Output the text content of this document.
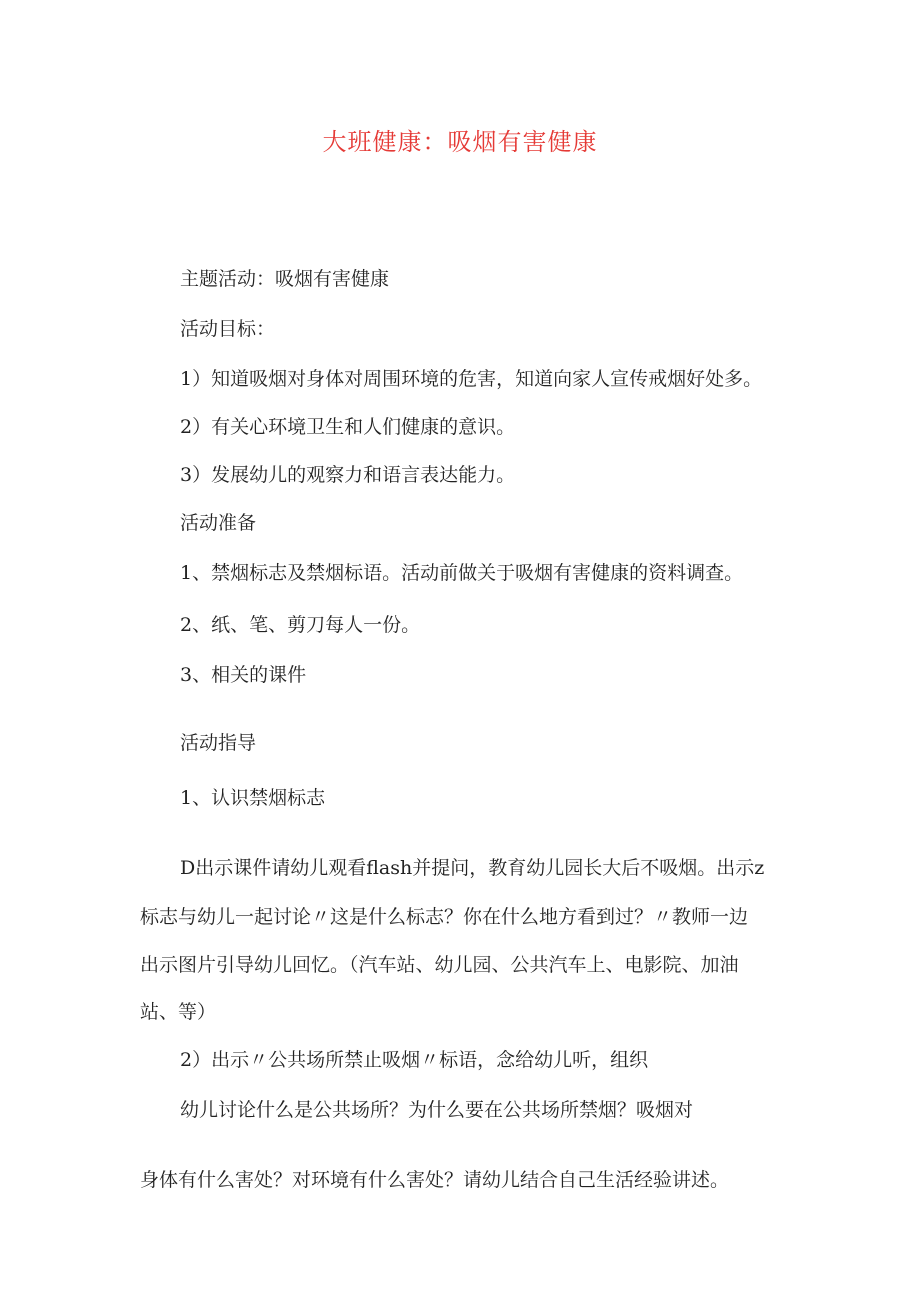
大班健康：吸烟有害健康
主题活动：吸烟有害健康
活动目标：
1）知道吸烟对身体对周围环境的危害，知道向家人宣传戒烟好处多。
2）有关心环境卫生和人们健康的意识。
3）发展幼儿的观察力和语言表达能力。
活动准备
1、禁烟标志及禁烟标语。活动前做关于吸烟有害健康的资料调查。
2、纸、笔、剪刀每人一份。
3、相关的课件
活动指导
1、认识禁烟标志
D出示课件请幼儿观看flash并提问，教育幼儿园长大后不吸烟。出示z
标志与幼儿一起讨论〃这是什么标志？你在什么地方看到过？〃教师一边
出示图片引导幼儿回忆。（汽车站、幼儿园、公共汽车上、电影院、加油
站、等）
2）出示〃公共场所禁止吸烟〃标语，念给幼儿听，组织
幼儿讨论什么是公共场所？为什么要在公共场所禁烟？吸烟对
身体有什么害处？对环境有什么害处？请幼儿结合自己生活经验讲述。
